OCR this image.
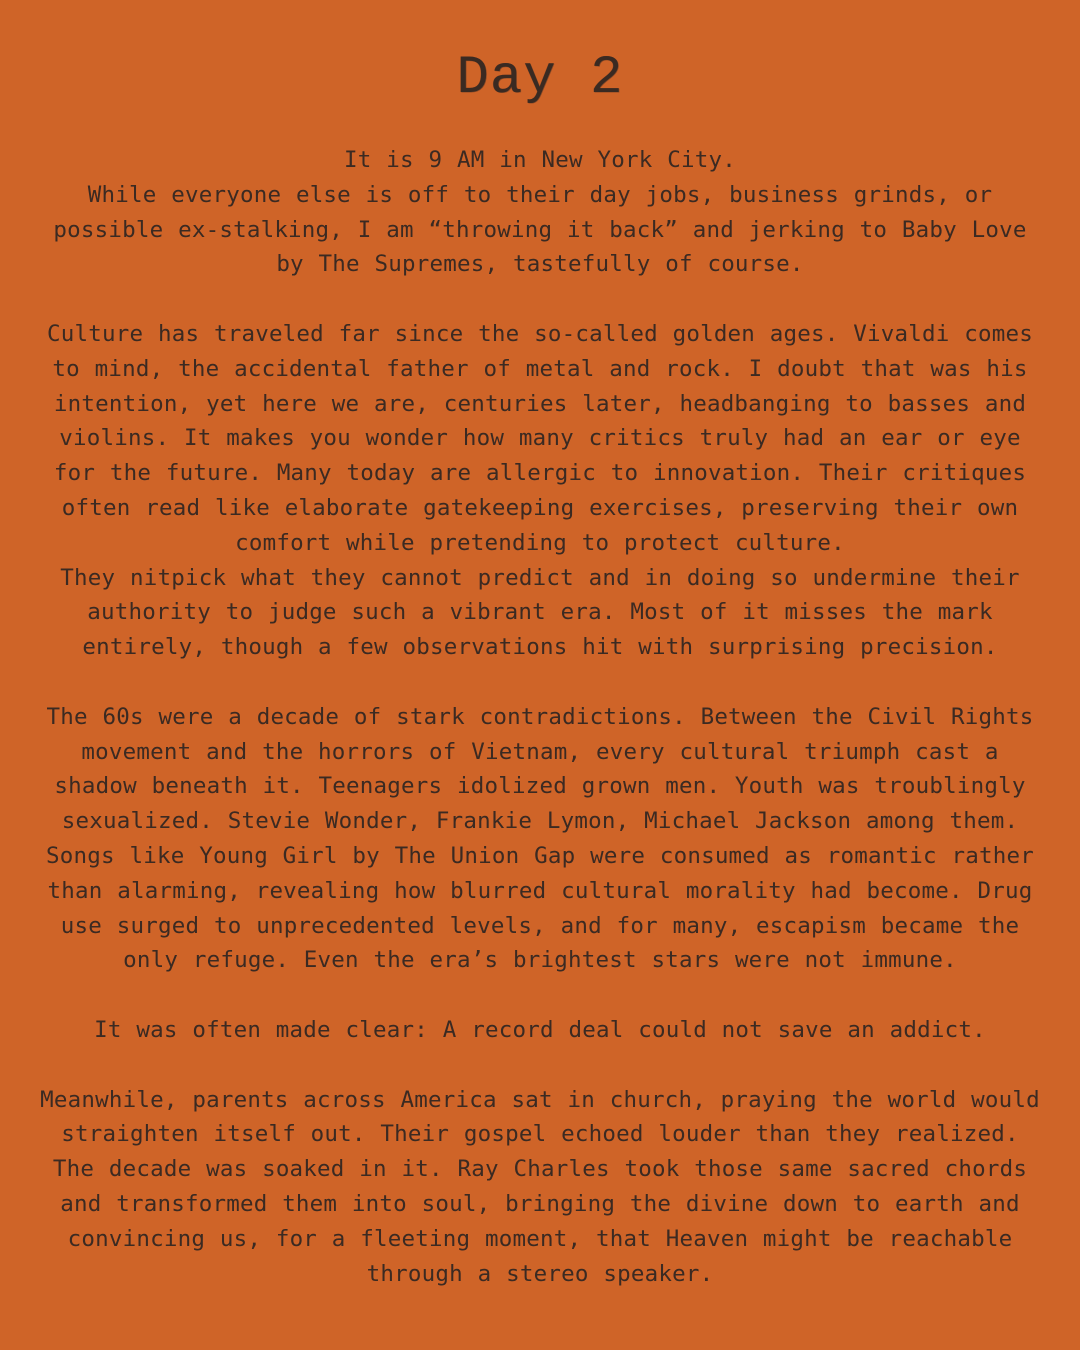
Day 2

It is 9 AM in New York City.

While everyone else is off to their day jobs, business grinds, or possible ex-stalking, I am “throwing it back” and jerking to Baby Love by The Supremes, tastefully of course.

Culture has traveled far since the so-called golden ages. Vivaldi comes to mind, the accidental father of metal and rock. I doubt that was his intention, yet here we are, centuries later, headbanging to basses and violins. It makes you wonder how many critics truly had an ear or eye for the future. Many today are allergic to innovation. Their critiques often read like elaborate gatekeeping exercises, preserving their own comfort while pretending to protect culture.

They nitpick what they cannot predict and in doing so undermine their authority to judge such a vibrant era. Most of it misses the mark entirely, though a few observations hit with surprising precision.

The 60s were a decade of stark contradictions. Between the Civil Rights movement and the horrors of Vietnam, every cultural triumph cast a shadow beneath it. Teenagers idolized grown men. Youth was troublingly sexualized. Stevie Wonder, Frankie Lymon, Michael Jackson among them. Songs like Young Girl by The Union Gap were consumed as romantic rather than alarming, revealing how blurred cultural morality had become. Drug use surged to unprecedented levels, and for many, escapism became the only refuge. Even the era’s brightest stars were not immune.

It was often made clear: A record deal could not save an addict.

Meanwhile, parents across America sat in church, praying the world would straighten itself out. Their gospel echoed louder than they realized. The decade was soaked in it. Ray Charles took those same sacred chords and transformed them into soul, bringing the divine down to earth and convincing us, for a fleeting moment, that Heaven might be reachable through a stereo speaker.
